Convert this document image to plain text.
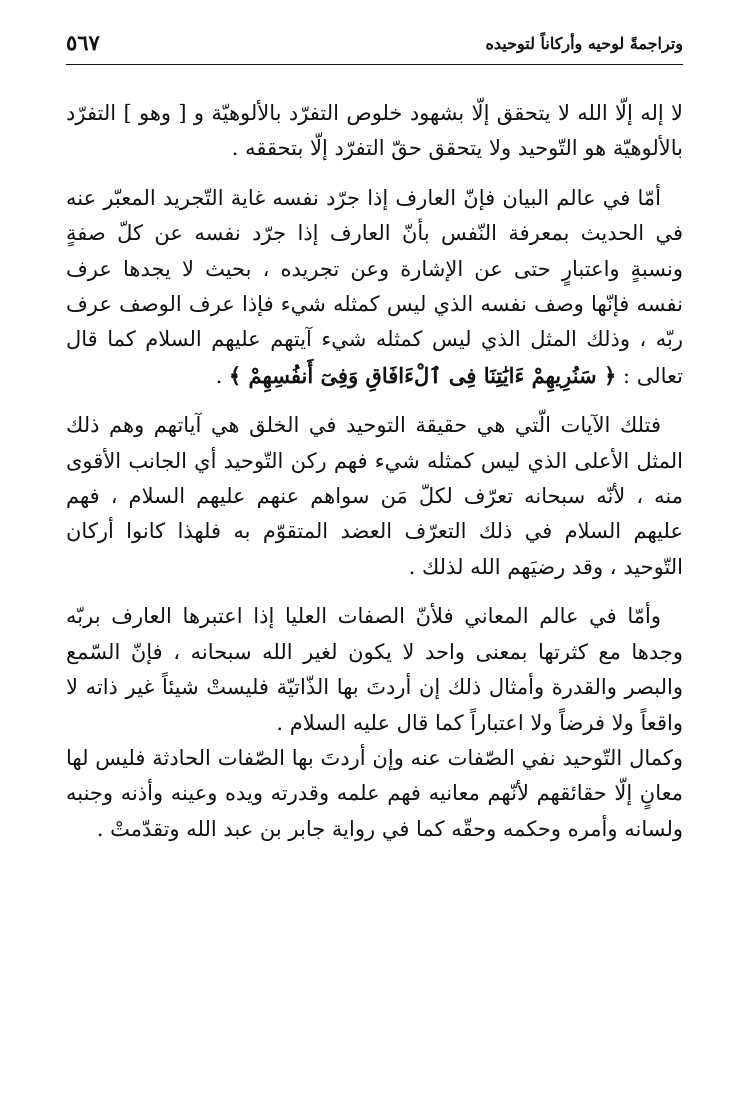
وتراجمةً لوحيه وأركاناً لتوحيده
٥٦٧

لا إله إلّا الله لا يتحقق إلّا بشهود خلوص التفرّد بالألوهيّة و [ وهو ] التفرّد بالألوهيّة هو التّوحيد ولا يتحقق حقّ التفرّد إلّا بتحققه .

أمّا في عالم البيان فإنّ العارف إذا جرّد نفسه غاية التّجريد المعبّر عنه في الحديث بمعرفة النّفس بأنّ العارف إذا جرّد نفسه عن كلّ صفةٍ ونسبةٍ واعتبارٍ حتى عن الإشارة وعن تجريده ، بحيث لا يجدها عرف نفسه فإنّها وصف نفسه الذي ليس كمثله شيء فإذا عرف الوصف عرف ربّه ، وذلك المثل الذي ليس كمثله شيء آيتهم عليهم السلام كما قال تعالى : ﴿ سَنُرِيهِمْ ءَايَٰتِنَا فِى ٱلْءَافَاقِ وَفِىٓ أَنفُسِهِمْ ﴾ .

فتلك الآيات الّتي هي حقيقة التوحيد في الخلق هي آياتهم وهم ذلك المثل الأعلى الذي ليس كمثله شيء فهم ركن التّوحيد أي الجانب الأقوى منه ، لأنّه سبحانه تعرّف لكلّ مَن سواهم عنهم عليهم السلام ، فهم عليهم السلام في ذلك التعرّف العضد المتقوّم به فلهذا كانوا أركان التّوحيد ، وقد رضيَهم الله لذلك .

وأمّا في عالم المعاني فلأنّ الصفات العليا إذا اعتبرها العارف بربّه وجدها مع كثرتها بمعنى واحد لا يكون لغير الله سبحانه ، فإنّ السّمع والبصر والقدرة وأمثال ذلك إن أردتَ بها الذّاتيّة فليستْ شيئاً غير ذاته لا واقعاً ولا فرضاً ولا اعتباراً كما قال عليه السلام .

وكمال التّوحيد نفي الصّفات عنه وإن أردتَ بها الصّفات الحادثة فليس لها معانٍ إلّا حقائقهم لأنّهم معانيه فهم علمه وقدرته ويده وعينه وأذنه وجنبه ولسانه وأمره وحكمه وحقّه كما في رواية جابر بن عبد الله وتقدّمتْ .
